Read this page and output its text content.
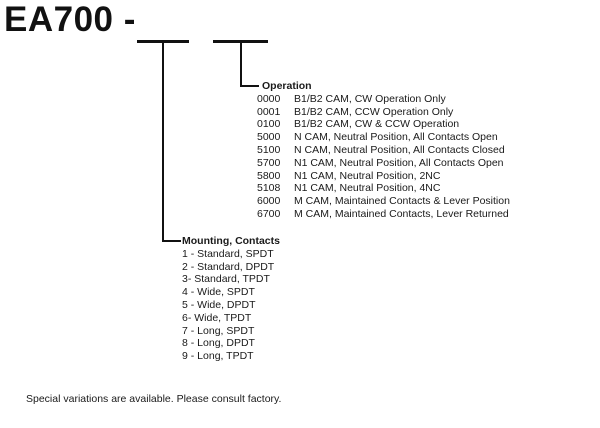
EA700 -
Operation
0000 B1/B2 CAM, CW Operation Only
0001 B1/B2 CAM, CCW Operation Only
0100 B1/B2 CAM, CW & CCW Operation
5000 N CAM, Neutral Position, All Contacts Open
5100 N CAM, Neutral Position, All Contacts Closed
5700 N1 CAM, Neutral Position, All Contacts Open
5800 N1 CAM, Neutral Position, 2NC
5108 N1 CAM, Neutral Position, 4NC
6000 M CAM, Maintained Contacts & Lever Position
6700 M CAM, Maintained Contacts, Lever Returned
Mounting, Contacts
1 - Standard, SPDT
2 - Standard, DPDT
3- Standard, TPDT
4 - Wide, SPDT
5 - Wide, DPDT
6- Wide, TPDT
7 - Long, SPDT
8 - Long, DPDT
9 - Long, TPDT
Special variations are available. Please consult factory.
